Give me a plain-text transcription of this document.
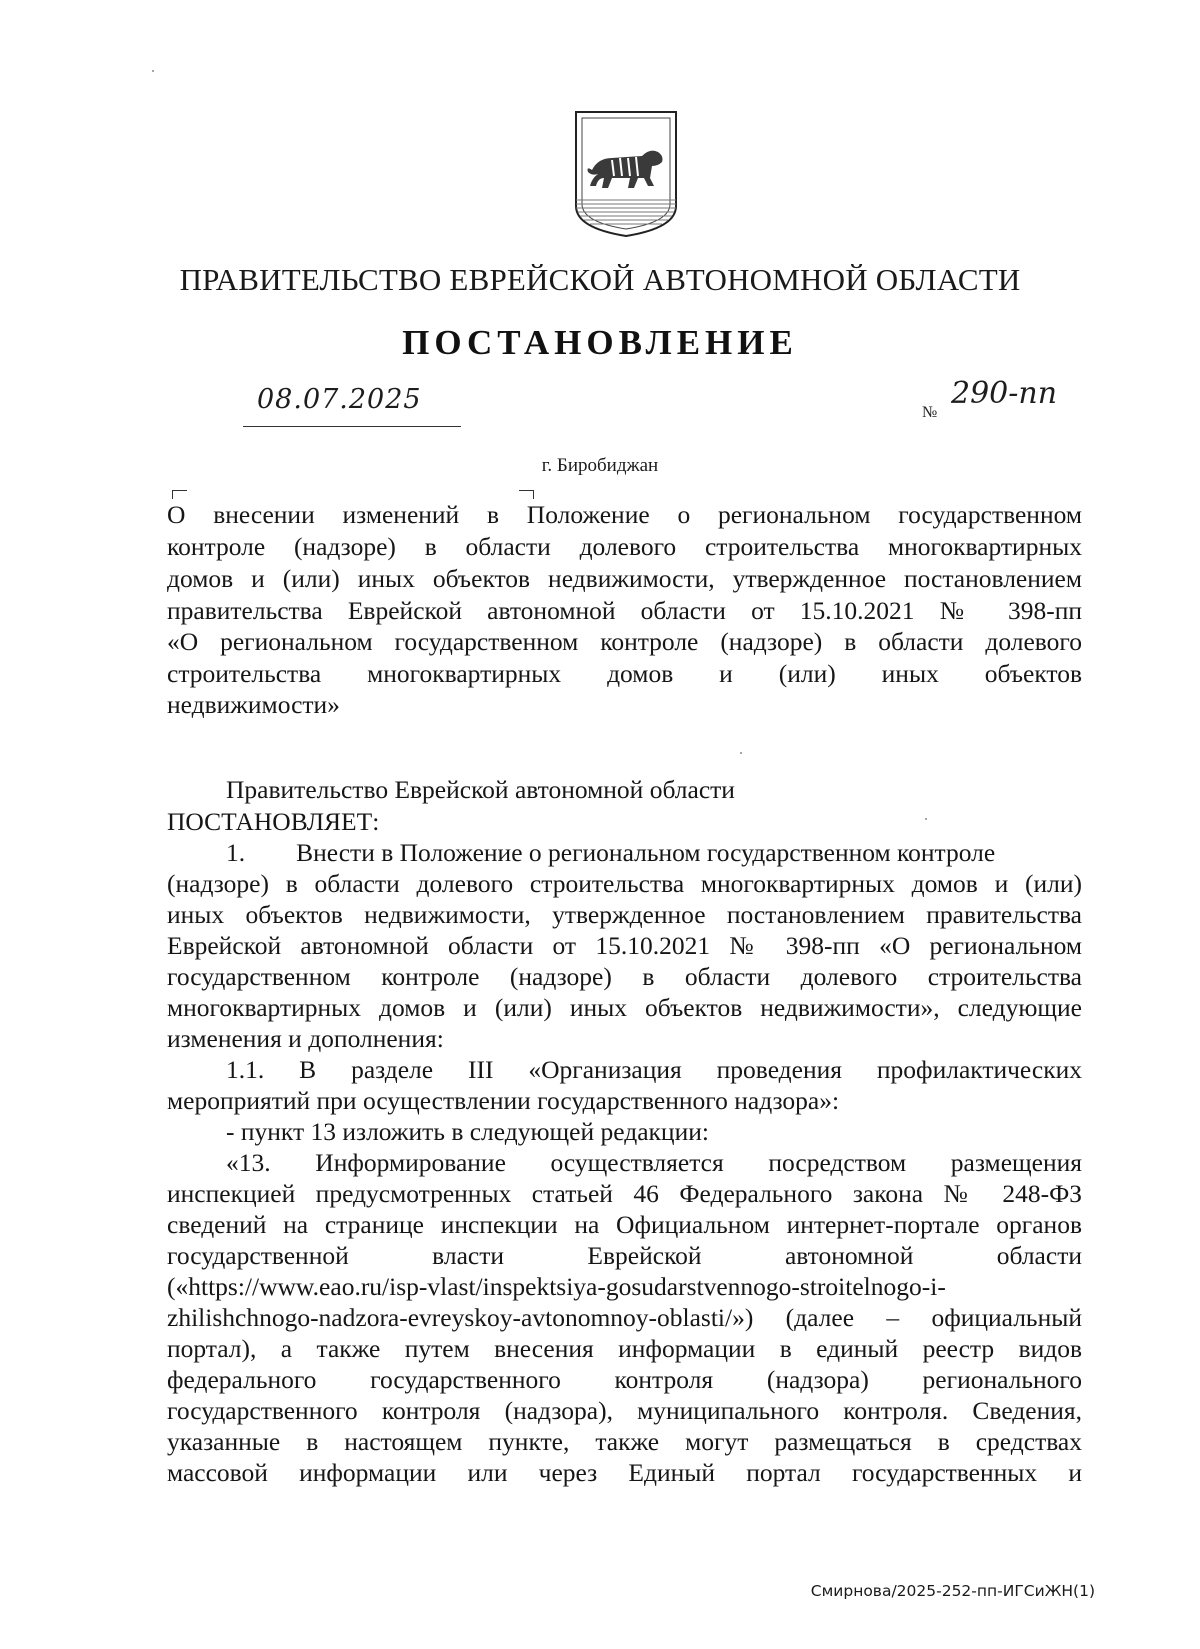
ПРАВИТЕЛЬСТВО ЕВРЕЙСКОЙ АВТОНОМНОЙ ОБЛАСТИ
ПОСТАНОВЛЕНИЕ
08.07.2025	№
290-пп
г. Биробиджан
О внесении изменений в Положение о региональном государственном
контроле (надзоре) в области долевого строительства многоквартирных
домов и (или) иных объектов недвижимости, утвержденное постановлением
правительства Еврейской автономной области от 15.10.2021 № 398-пп
«О региональном государственном контроле (надзоре) в области долевого
строительства многоквартирных домов и (или) иных объектов
недвижимости»
Правительство Еврейской автономной области
ПОСТАНОВЛЯЕТ:
1.        Внести в Положение о региональном государственном контроле
(надзоре) в области долевого строительства многоквартирных домов и (или)
иных объектов недвижимости, утвержденное постановлением правительства
Еврейской автономной области от 15.10.2021 № 398-пп «О региональном
государственном контроле (надзоре) в области долевого строительства
многоквартирных домов и (или) иных объектов недвижимости», следующие
изменения и дополнения:
1.1. В разделе III «Организация проведения профилактических
мероприятий при осуществлении государственного надзора»:
- пункт 13 изложить в следующей редакции:
«13. Информирование осуществляется посредством размещения
инспекцией предусмотренных статьей 46 Федерального закона № 248-ФЗ
сведений на странице инспекции на Официальном интернет-портале органов
государственной власти Еврейской автономной области
(«https://www.eao.ru/isp-vlast/inspektsiya-gosudarstvennogo-stroitelnogo-i-
zhilishchnogo-nadzora-evreyskoy-avtonomnoy-oblasti/») (далее – официальный
портал), а также путем внесения информации в единый реестр видов
федерального государственного контроля (надзора) регионального
государственного контроля (надзора), муниципального контроля. Сведения,
указанные в настоящем пункте, также могут размещаться в средствах
массовой информации или через Единый портал государственных и
Смирнова/2025-252-пп-ИГСиЖН(1)
